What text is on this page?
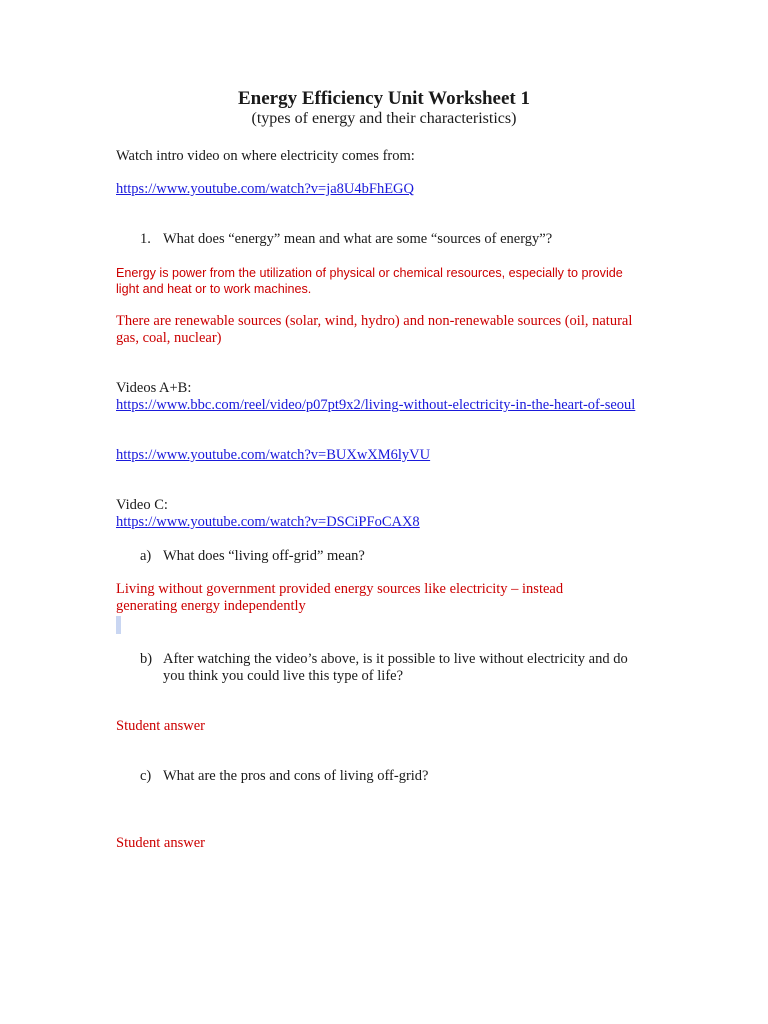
Energy Efficiency Unit Worksheet 1
(types of energy and their characteristics)
Watch intro video on where electricity comes from:
https://www.youtube.com/watch?v=ja8U4bFhEGQ
1. What does “energy” mean and what are some “sources of energy”?
Energy is power from the utilization of physical or chemical resources, especially to provide light and heat or to work machines.
There are renewable sources (solar, wind, hydro) and non-renewable sources (oil, natural gas, coal, nuclear)
Videos A+B:
https://www.bbc.com/reel/video/p07pt9x2/living-without-electricity-in-the-heart-of-seoul
https://www.youtube.com/watch?v=BUXwXM6lyVU
Video C:
https://www.youtube.com/watch?v=DSCiPFoCAX8
a) What does “living off-grid” mean?
Living without government provided energy sources like electricity – instead generating energy independently
b) After watching the video’s above, is it possible to live without electricity and do you think you could live this type of life?
Student answer
c) What are the pros and cons of living off-grid?
Student answer
